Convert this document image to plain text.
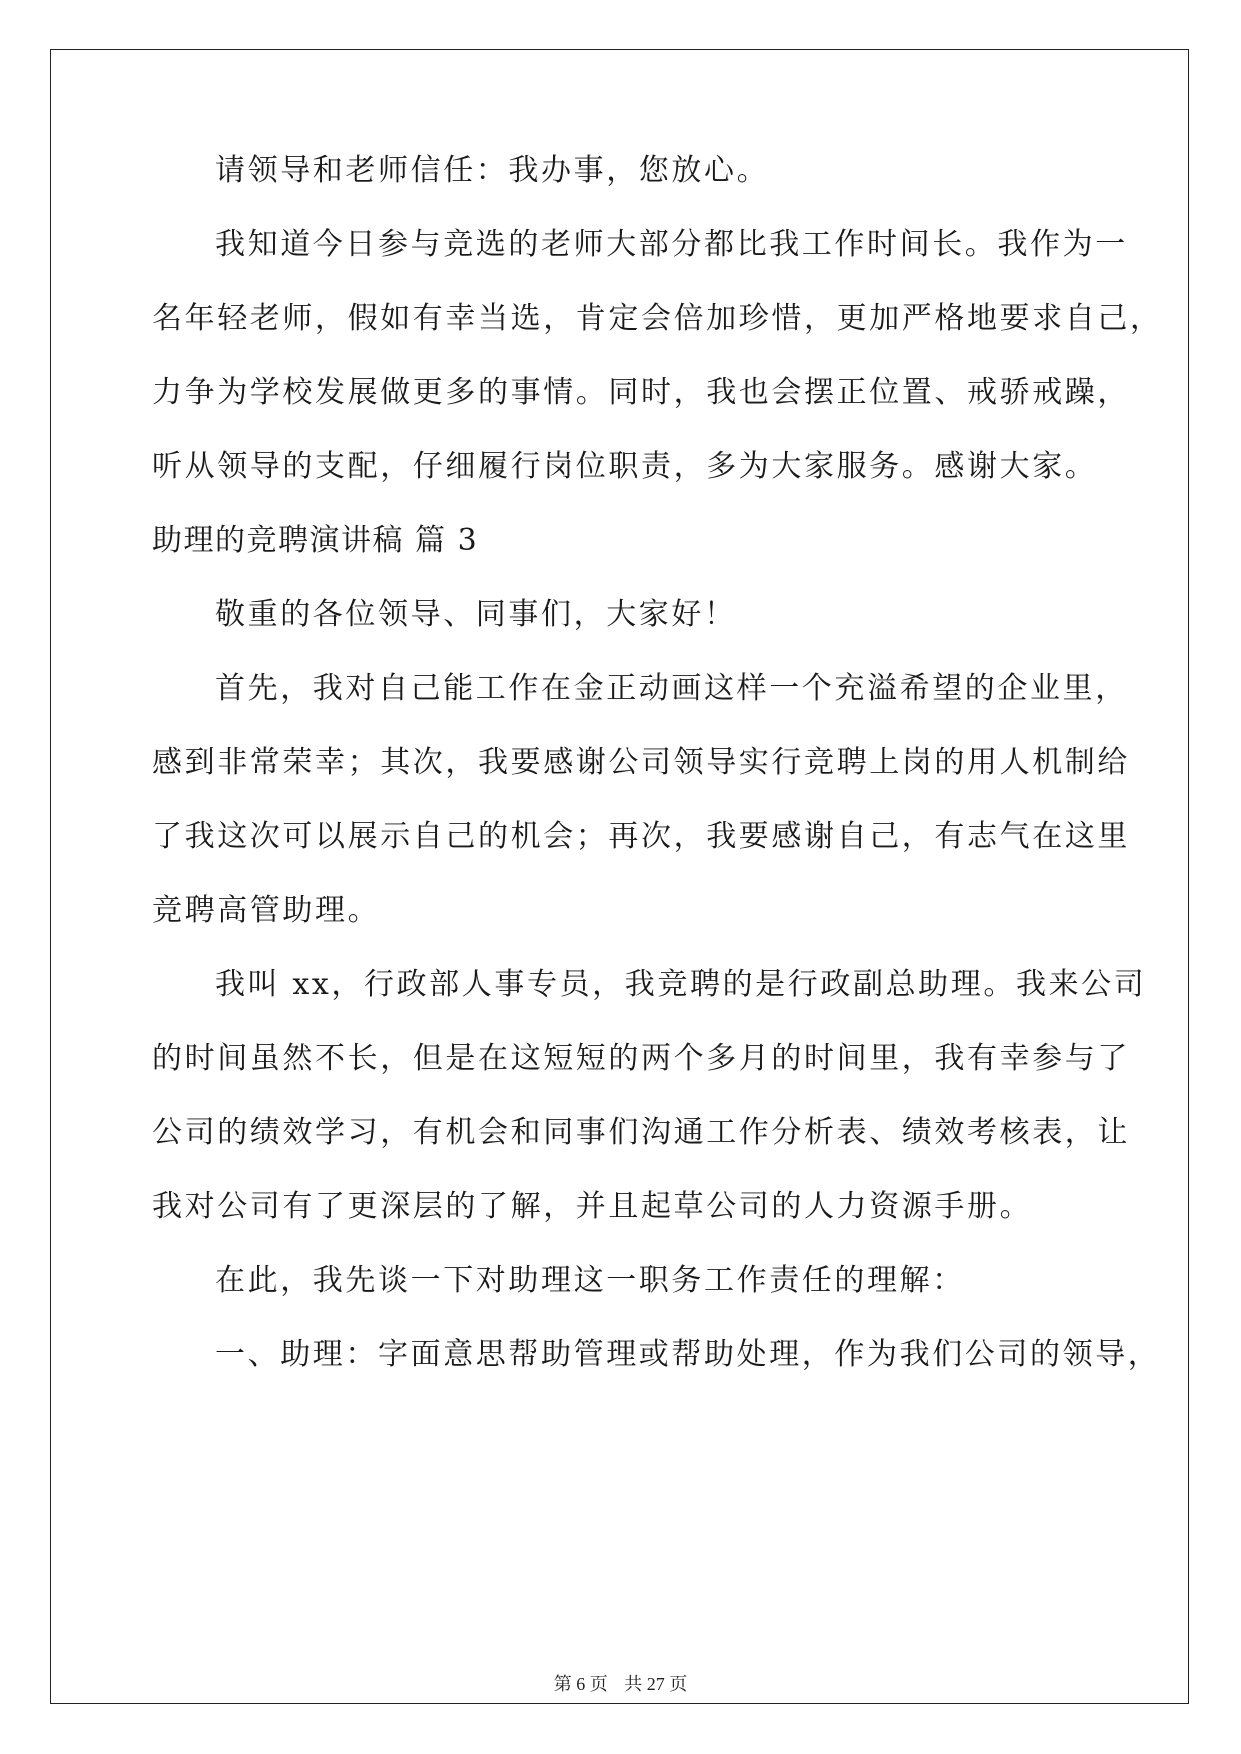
请领导和老师信任：我办事，您放心。
我知道今日参与竞选的老师大部分都比我工作时间长。我作为一
名年轻老师，假如有幸当选，肯定会倍加珍惜，更加严格地要求自己，
力争为学校发展做更多的事情。同时，我也会摆正位置、戒骄戒躁，
听从领导的支配，仔细履行岗位职责，多为大家服务。感谢大家。
助理的竞聘演讲稿 篇 3
敬重的各位领导、同事们，大家好！
首先，我对自己能工作在金正动画这样一个充溢希望的企业里，
感到非常荣幸；其次，我要感谢公司领导实行竞聘上岗的用人机制给
了我这次可以展示自己的机会；再次，我要感谢自己，有志气在这里
竞聘高管助理。
我叫 xx，行政部人事专员，我竞聘的是行政副总助理。我来公司
的时间虽然不长，但是在这短短的两个多月的时间里，我有幸参与了
公司的绩效学习，有机会和同事们沟通工作分析表、绩效考核表，让
我对公司有了更深层的了解，并且起草公司的人力资源手册。
在此，我先谈一下对助理这一职务工作责任的理解：
一、助理：字面意思帮助管理或帮助处理，作为我们公司的领导，
第 6 页 共 27 页
